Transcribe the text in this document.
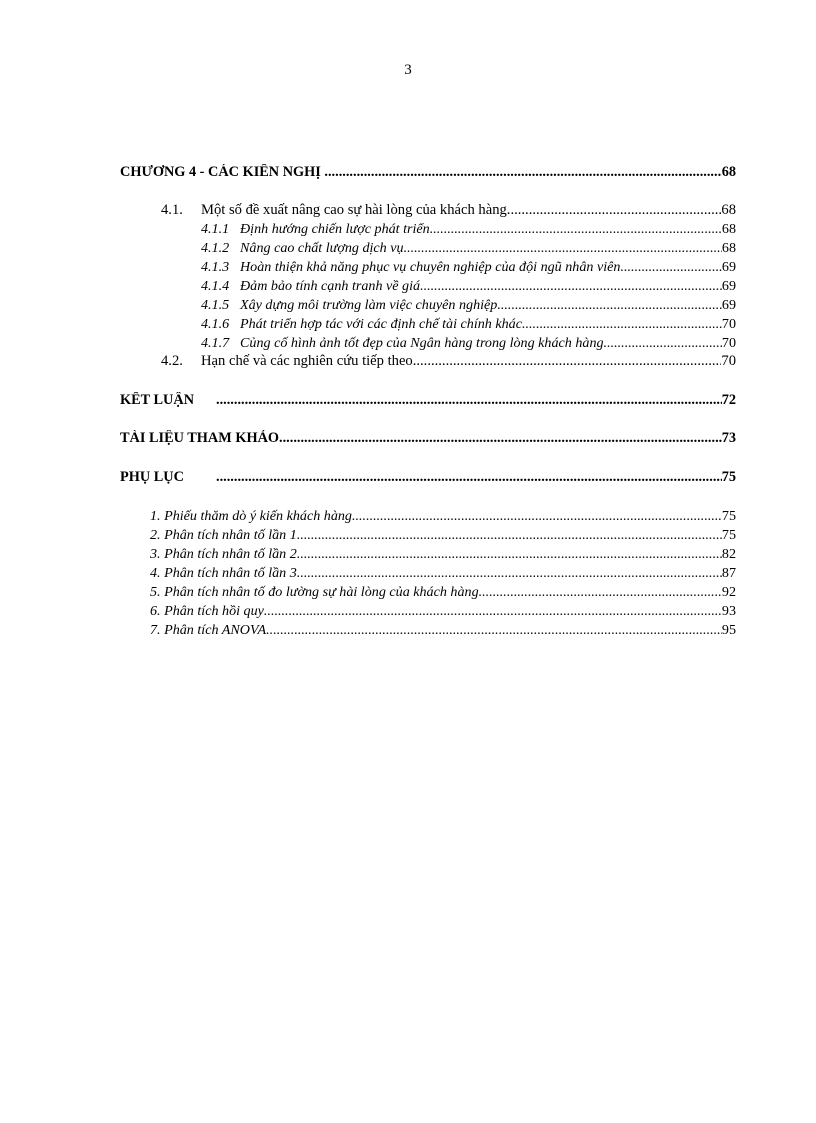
3
CHƯƠNG 4 - CÁC KIẾN NGHỊ .....	68
4.1.	Một số đề xuất nâng cao sự hài lòng của khách hàng .....	68
4.1.1 Định hướng chiến lược phát triển .....	68
4.1.2 Nâng cao chất lượng dịch vụ .....	68
4.1.3 Hoàn thiện khả năng phục vụ chuyên nghiệp của đội ngũ nhân viên .....	69
4.1.4 Đảm bảo tính cạnh tranh về giá .....	69
4.1.5 Xây dựng môi trường làm việc chuyên nghiệp .....	69
4.1.6 Phát triển hợp tác với các định chế tài chính khác .....	70
4.1.7 Củng cố hình ảnh tốt đẹp của Ngân hàng trong lòng khách hàng .....	70
4.2.	Hạn chế và các nghiên cứu tiếp theo .....	70
KẾT LUẬN .....	72
TÀI LIỆU THAM KHẢO .....	73
PHỤ LỤC .....	75
1. Phiếu thăm dò ý kiến khách hàng .....	75
2. Phân tích nhân tố lần 1 .....	75
3. Phân tích nhân tố lần 2 .....	82
4. Phân tích nhân tố lần 3 .....	87
5. Phân tích nhân tố đo lường sự hài lòng của khách hàng .....	92
6. Phân tích hồi quy .....	93
7. Phân tích ANOVA .....	95
